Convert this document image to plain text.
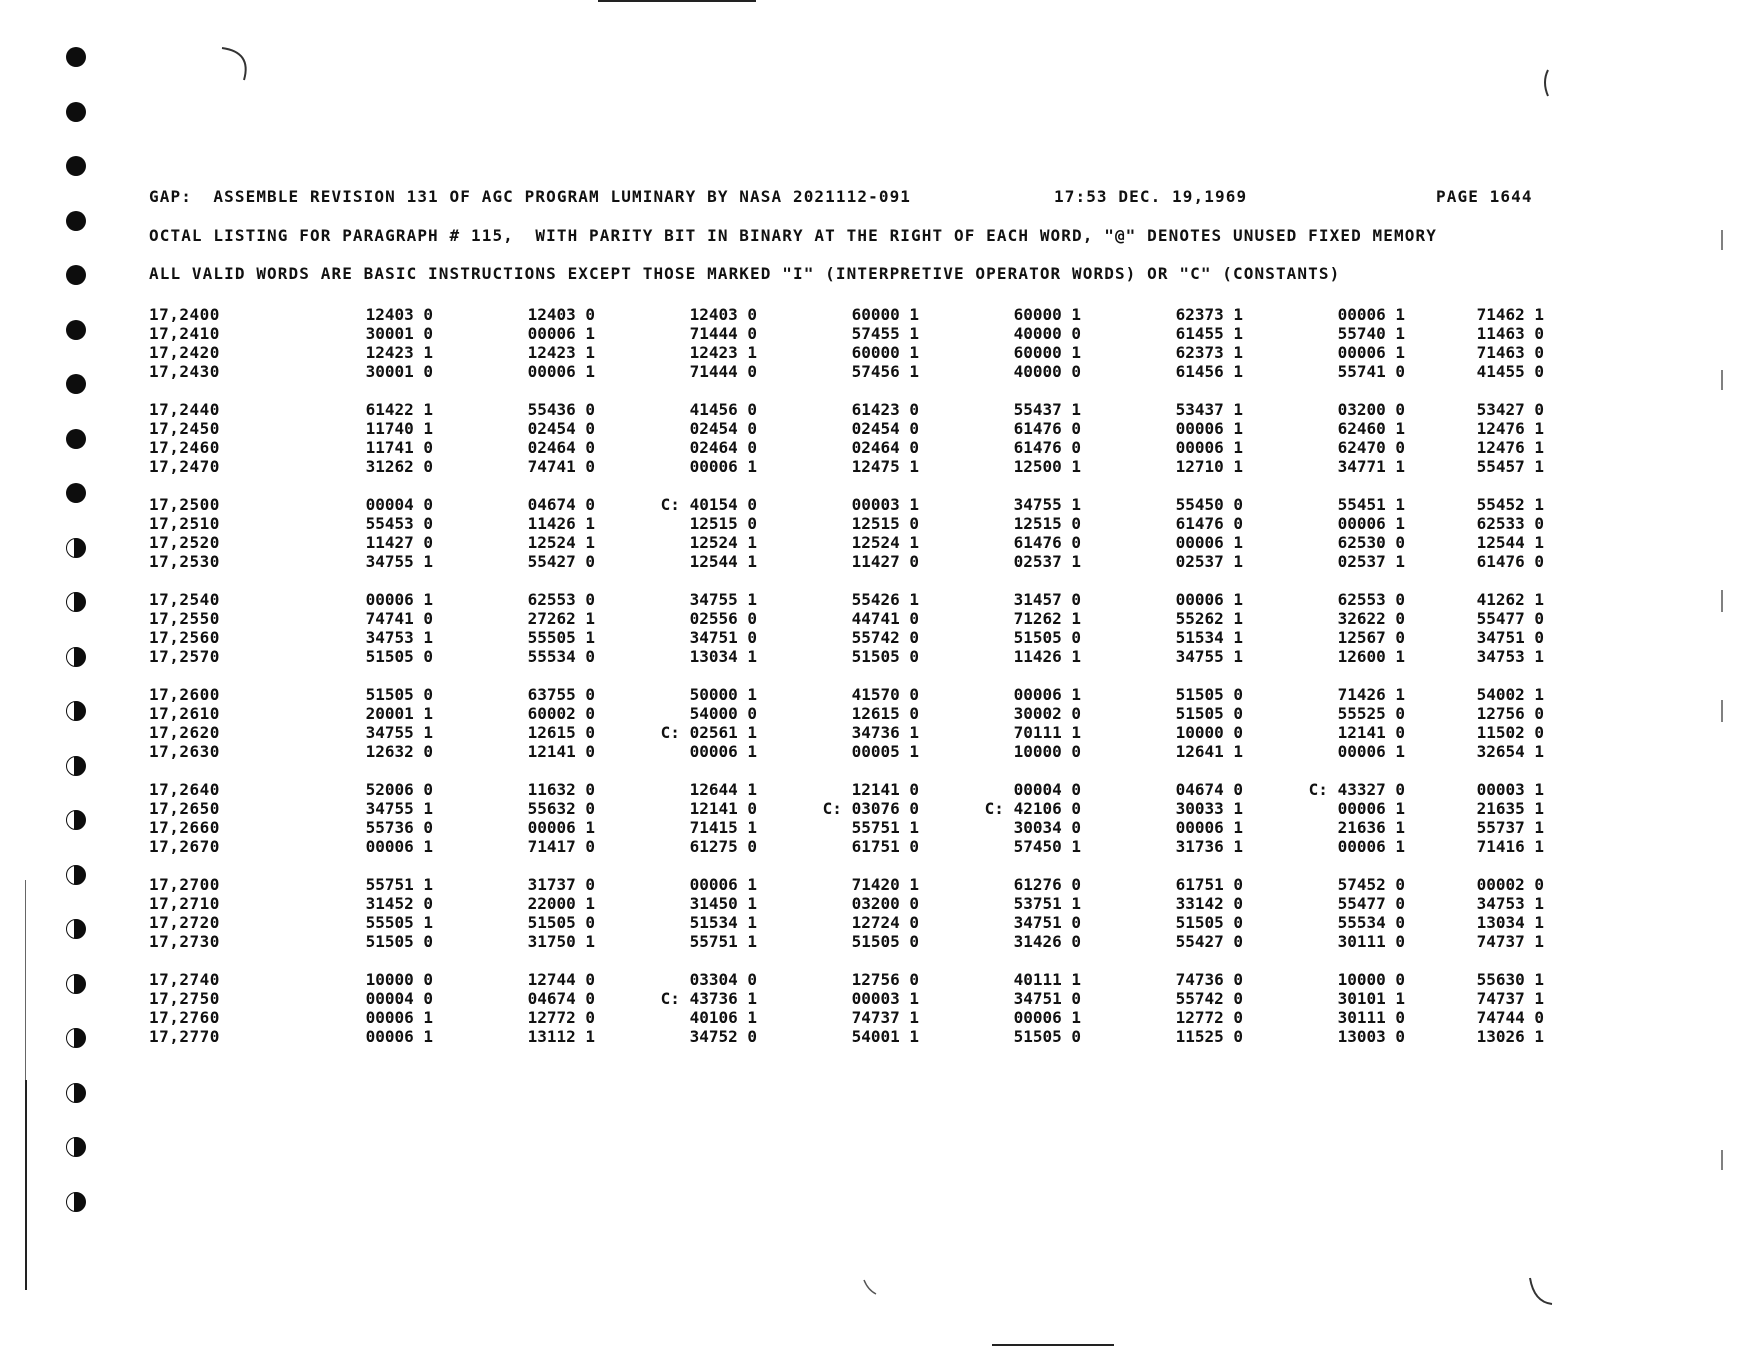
GAP:  ASSEMBLE REVISION 131 OF AGC PROGRAM LUMINARY BY NASA 2021112-091	17:53 DEC. 19,1969	PAGE 1644
OCTAL LISTING FOR PARAGRAPH # 115,  WITH PARITY BIT IN BINARY AT THE RIGHT OF EACH WORD, "@" DENOTES UNUSED FIXED MEMORY
ALL VALID WORDS ARE BASIC INSTRUCTIONS EXCEPT THOSE MARKED "I" (INTERPRETIVE OPERATOR WORDS) OR "C" (CONSTANTS)
17,2400	12403 0	12403 0	12403 0	60000 1	60000 1	62373 1	00006 1	71462 1
17,2410	30001 0	00006 1	71444 0	57455 1	40000 0	61455 1	55740 1	11463 0
17,2420	12423 1	12423 1	12423 1	60000 1	60000 1	62373 1	00006 1	71463 0
17,2430	30001 0	00006 1	71444 0	57456 1	40000 0	61456 1	55741 0	41455 0
17,2440	61422 1	55436 0	41456 0	61423 0	55437 1	53437 1	03200 0	53427 0
17,2450	11740 1	02454 0	02454 0	02454 0	61476 0	00006 1	62460 1	12476 1
17,2460	11741 0	02464 0	02464 0	02464 0	61476 0	00006 1	62470 0	12476 1
17,2470	31262 0	74741 0	00006 1	12475 1	12500 1	12710 1	34771 1	55457 1
17,2500	00004 0	04674 0	C: 40154 0	00003 1	34755 1	55450 0	55451 1	55452 1
17,2510	55453 0	11426 1	12515 0	12515 0	12515 0	61476 0	00006 1	62533 0
17,2520	11427 0	12524 1	12524 1	12524 1	61476 0	00006 1	62530 0	12544 1
17,2530	34755 1	55427 0	12544 1	11427 0	02537 1	02537 1	02537 1	61476 0
17,2540	00006 1	62553 0	34755 1	55426 1	31457 0	00006 1	62553 0	41262 1
17,2550	74741 0	27262 1	02556 0	44741 0	71262 1	55262 1	32622 0	55477 0
17,2560	34753 1	55505 1	34751 0	55742 0	51505 0	51534 1	12567 0	34751 0
17,2570	51505 0	55534 0	13034 1	51505 0	11426 1	34755 1	12600 1	34753 1
17,2600	51505 0	63755 0	50000 1	41570 0	00006 1	51505 0	71426 1	54002 1
17,2610	20001 1	60002 0	54000 0	12615 0	30002 0	51505 0	55525 0	12756 0
17,2620	34755 1	12615 0	C: 02561 1	34736 1	70111 1	10000 0	12141 0	11502 0
17,2630	12632 0	12141 0	00006 1	00005 1	10000 0	12641 1	00006 1	32654 1
17,2640	52006 0	11632 0	12644 1	12141 0	00004 0	04674 0	C: 43327 0	00003 1
17,2650	34755 1	55632 0	12141 0	C: 03076 0	C: 42106 0	30033 1	00006 1	21635 1
17,2660	55736 0	00006 1	71415 1	55751 1	30034 0	00006 1	21636 1	55737 1
17,2670	00006 1	71417 0	61275 0	61751 0	57450 1	31736 1	00006 1	71416 1
17,2700	55751 1	31737 0	00006 1	71420 1	61276 0	61751 0	57452 0	00002 0
17,2710	31452 0	22000 1	31450 1	03200 0	53751 1	33142 0	55477 0	34753 1
17,2720	55505 1	51505 0	51534 1	12724 0	34751 0	51505 0	55534 0	13034 1
17,2730	51505 0	31750 1	55751 1	51505 0	31426 0	55427 0	30111 0	74737 1
17,2740	10000 0	12744 0	03304 0	12756 0	40111 1	74736 0	10000 0	55630 1
17,2750	00004 0	04674 0	C: 43736 1	00003 1	34751 0	55742 0	30101 1	74737 1
17,2760	00006 1	12772 0	40106 1	74737 1	00006 1	12772 0	30111 0	74744 0
17,2770	00006 1	13112 1	34752 0	54001 1	51505 0	11525 0	13003 0	13026 1
